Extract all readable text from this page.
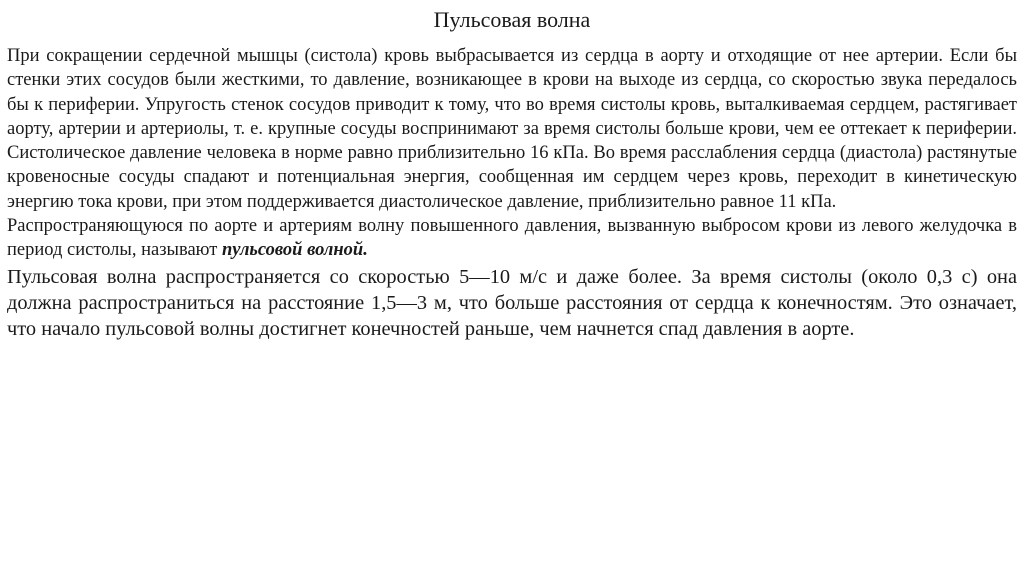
Пульсовая волна

При сокращении сердечной мышцы (систола) кровь выбрасывается из сердца в аорту и отходящие от нее артерии. Если бы стенки этих сосудов были жесткими, то давление, возникающее в крови на выходе из сердца, со скоростью звука передалось бы к периферии. Упругость стенок сосудов приводит к тому, что во время систолы кровь, выталкиваемая сердцем, растягивает аорту, артерии и артериолы, т. е. крупные сосуды воспринимают за время систолы больше крови, чем ее оттекает к периферии. Систолическое давление человека в норме равно приблизительно 16 кПа. Во время расслабления сердца (диастола) растянутые кровеносные сосуды спадают и потенциальная энергия, сообщенная им сердцем через кровь, переходит в кинетическую энергию тока крови, при этом поддерживается диастолическое давление, приблизительно равное 11 кПа.

Распространяющуюся по аорте и артериям волну повышенного давления, вызванную выбросом крови из левого желудочка в период систолы, называют пульсовой волной.

Пульсовая волна распространяется со скоростью 5—10 м/с и даже более. За время систолы (около 0,3 с) она должна распространиться на расстояние 1,5—3 м, что больше расстояния от сердца к конечностям. Это означает, что начало пульсовой волны достигнет конечностей раньше, чем начнется спад давления в аорте.
